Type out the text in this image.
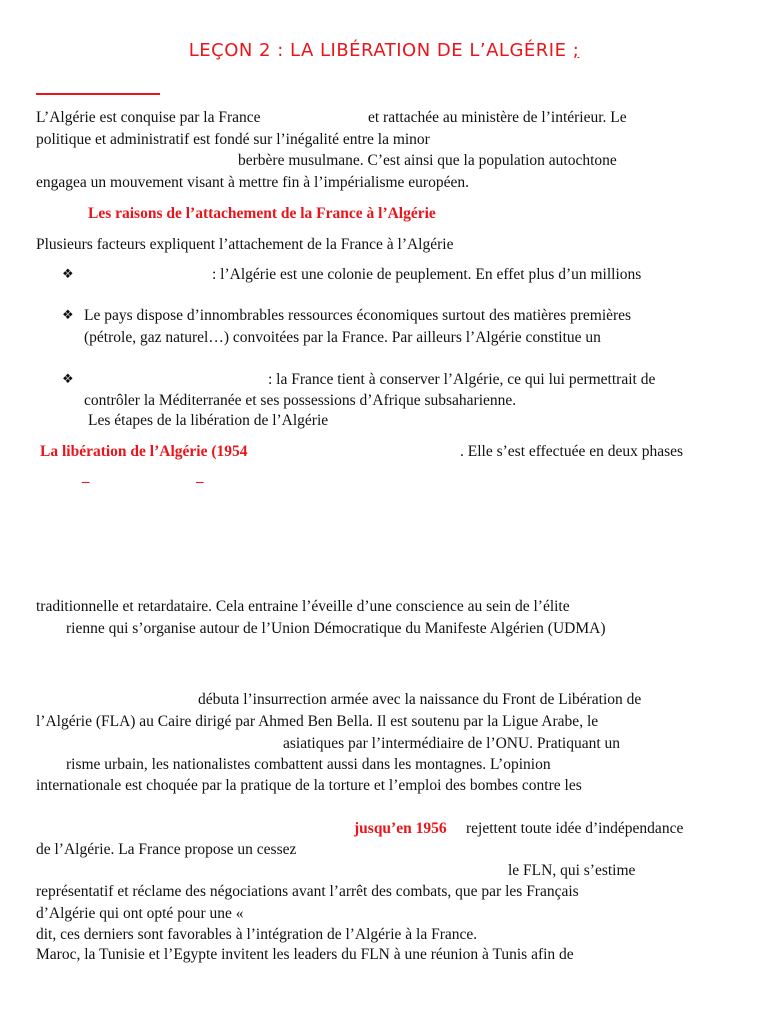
LEÇON 2 : LA LIBÉRATION DE L’ALGÉRIE ;

L’Algérie est conquise par la France	et rattachée au ministère de l’intérieur. Le

politique et administratif est fondé sur l’inégalité entre la minor

berbère musulmane. C’est ainsi que la population autochtone

engagea un mouvement visant à mettre fin à l’impérialisme européen.

Les raisons de l’attachement de la France à l’Algérie

Plusieurs facteurs expliquent l’attachement de la France à l’Algérie

❖	: l’Algérie est une colonie de peuplement. En effet plus d’un millions

❖ Le pays dispose d’innombrables ressources économiques surtout des matières premières

(pétrole, gaz naturel…) convoitées par la France. Par ailleurs l’Algérie constitue un

❖	: la France tient à conserver l’Algérie, ce qui lui permettrait de

contrôler la Méditerranée et ses possessions d’Afrique subsaharienne.

Les étapes de la libération de l’Algérie

La libération de l’Algérie (1954	. Elle s’est effectuée en deux phases

–	–

traditionnelle et retardataire. Cela entraine l’éveille d’une conscience au sein de l’élite

rienne qui s’organise autour de l’Union Démocratique du Manifeste Algérien (UDMA)

débuta l’insurrection armée avec la naissance du Front de Libération de

l’Algérie (FLA) au Caire dirigé par Ahmed Ben Bella. Il est soutenu par la Ligue Arabe, le

asiatiques par l’intermédiaire de l’ONU. Pratiquant un

risme urbain, les nationalistes combattent aussi dans les montagnes. L’opinion

internationale est choquée par la pratique de la torture et l’emploi des bombes contre les

jusqu’en 1956 rejettent toute idée d’indépendance

de l’Algérie. La France propose un cessez

le FLN, qui s’estime

représentatif et réclame des négociations avant l’arrêt des combats, que par les Français

d’Algérie qui ont opté pour une «

dit, ces derniers sont favorables à l’intégration de l’Algérie à la France.

Maroc, la Tunisie et l’Egypte invitent les leaders du FLN à une réunion à Tunis afin de
